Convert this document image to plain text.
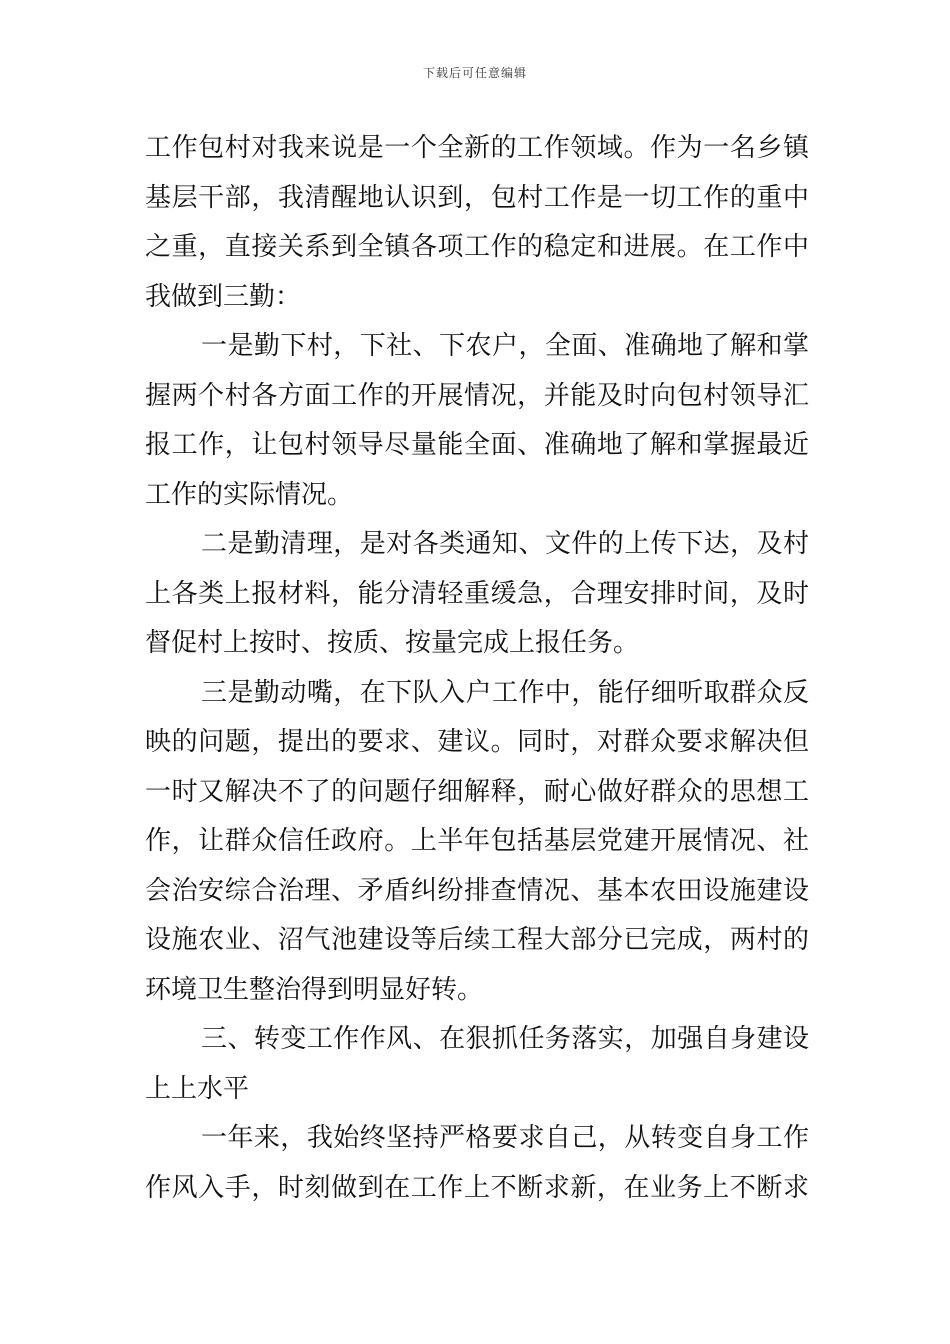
下载后可任意编辑
工作包村对我来说是一个全新的工作领域。作为一名乡镇
基层干部，我清醒地认识到，包村工作是一切工作的重中
之重，直接关系到全镇各项工作的稳定和进展。在工作中
我做到三勤：
一是勤下村，下社、下农户，全面、准确地了解和掌
握两个村各方面工作的开展情况，并能及时向包村领导汇
报工作，让包村领导尽量能全面、准确地了解和掌握最近
工作的实际情况。
二是勤清理，是对各类通知、文件的上传下达，及村
上各类上报材料，能分清轻重缓急，合理安排时间，及时
督促村上按时、按质、按量完成上报任务。
三是勤动嘴，在下队入户工作中，能仔细听取群众反
映的问题，提出的要求、建议。同时，对群众要求解决但
一时又解决不了的问题仔细解释，耐心做好群众的思想工
作，让群众信任政府。上半年包括基层党建开展情况、社
会治安综合治理、矛盾纠纷排查情况、基本农田设施建设
设施农业、沼气池建设等后续工程大部分已完成，两村的
环境卫生整治得到明显好转。
三、转变工作作风、在狠抓任务落实，加强自身建设
上上水平
一年来，我始终坚持严格要求自己，从转变自身工作
作风入手，时刻做到在工作上不断求新，在业务上不断求
